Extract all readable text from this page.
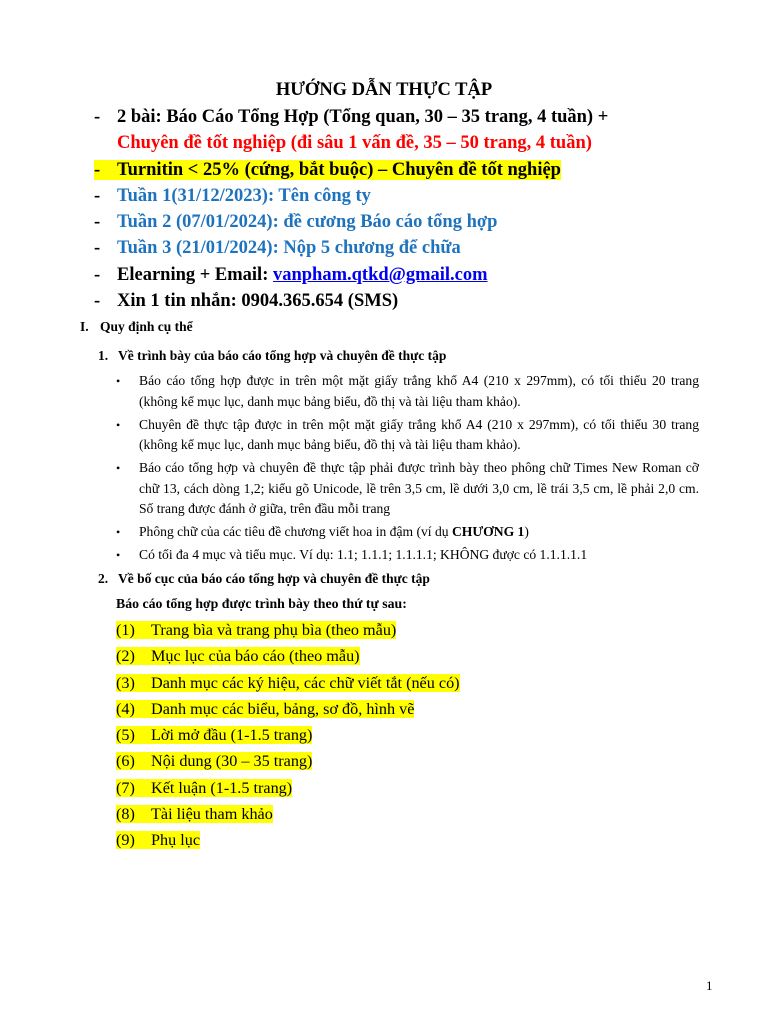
HƯỚNG DẪN THỰC TẬP
- 2 bài: Báo Cáo Tổng Hợp (Tổng quan, 30 – 35 trang, 4 tuần) +
Chuyên đề tốt nghiệp (đi sâu 1 vấn đề, 35 – 50 trang, 4 tuần)
- Turnitin < 25% (cứng, bắt buộc) – Chuyên đề tốt nghiệp
- Tuần 1(31/12/2023): Tên công ty
- Tuần 2 (07/01/2024): đề cương Báo cáo tổng hợp
- Tuần 3 (21/01/2024): Nộp 5 chương để chữa
- Elearning + Email: vanpham.qtkd@gmail.com
- Xin 1 tin nhắn: 0904.365.654 (SMS)
I. Quy định cụ thể
1. Về trình bày của báo cáo tổng hợp và chuyên đề thực tập
• Báo cáo tổng hợp được in trên một mặt giấy trắng khổ A4 (210 x 297mm), có tối thiểu 20 trang (không kể mục lục, danh mục bảng biểu, đồ thị và tài liệu tham khảo).
• Chuyên đề thực tập được in trên một mặt giấy trắng khổ A4 (210 x 297mm), có tối thiểu 30 trang (không kể mục lục, danh mục bảng biểu, đồ thị và tài liệu tham khảo).
• Báo cáo tổng hợp và chuyên đề thực tập phải được trình bày theo phông chữ Times New Roman cỡ chữ 13, cách dòng 1,2; kiểu gõ Unicode, lề trên 3,5 cm, lề dưới 3,0 cm, lề trái 3,5 cm, lề phải 2,0 cm. Số trang được đánh ở giữa, trên đầu mỗi trang
• Phông chữ của các tiêu đề chương viết hoa in đậm (ví dụ CHƯƠNG 1)
• Có tối đa 4 mục và tiểu mục. Ví dụ: 1.1; 1.1.1; 1.1.1.1; KHÔNG được có 1.1.1.1.1
2. Về bố cục của báo cáo tổng hợp và chuyên đề thực tập

Báo cáo tổng hợp được trình bày theo thứ tự sau:

(1) Trang bìa và trang phụ bìa (theo mẫu)
(2) Mục lục của báo cáo (theo mẫu)
(3) Danh mục các ký hiệu, các chữ viết tắt (nếu có)
(4) Danh mục các biểu, bảng, sơ đồ, hình vẽ
(5) Lời mở đầu (1-1.5 trang)
(6) Nội dung (30 – 35 trang)
(7) Kết luận (1-1.5 trang)
(8) Tài liệu tham khảo
(9) Phụ lục
1
